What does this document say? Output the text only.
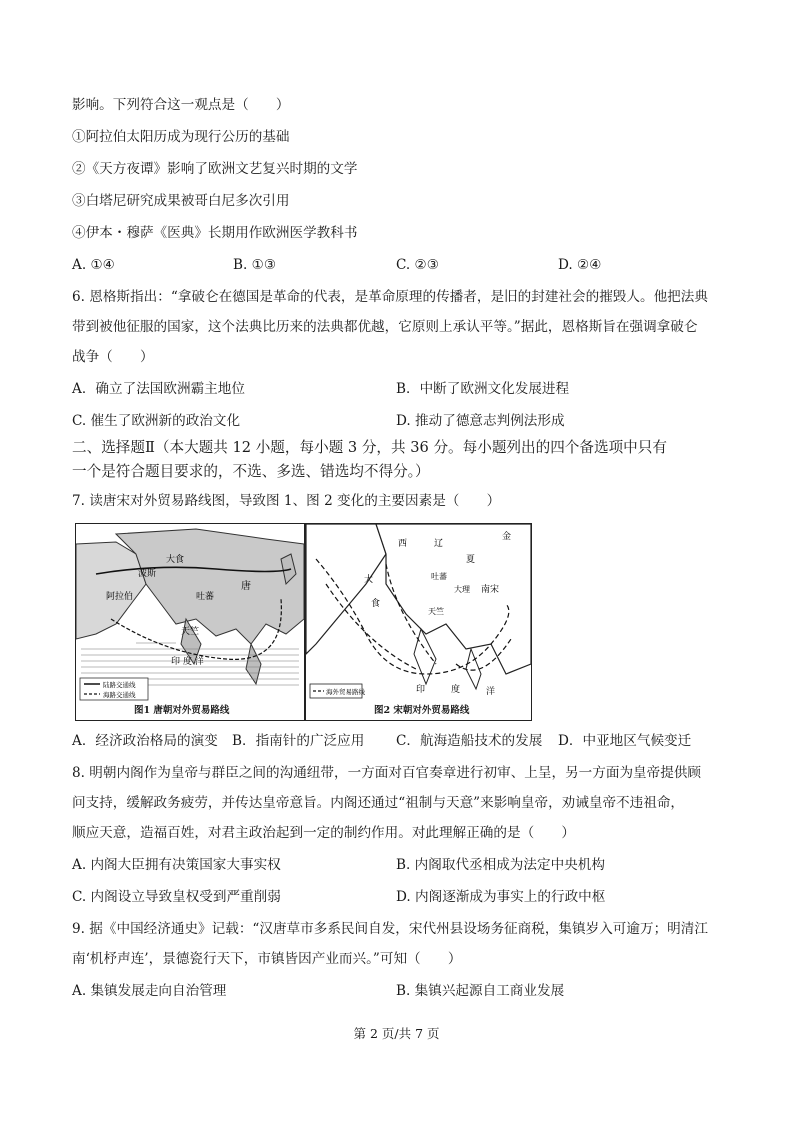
影响。下列符合这一观点是（　　）
①阿拉伯太阳历成为现行公历的基础
②《天方夜谭》影响了欧洲文艺复兴时期的文学
③白塔尼研究成果被哥白尼多次引用
④伊本・穆萨《医典》长期用作欧洲医学教科书
A. ①④	B. ①③	C. ②③	D. ②④
6. 恩格斯指出：“拿破仑在德国是革命的代表，是革命原理的传播者，是旧的封建社会的摧毁人。他把法典
带到被他征服的国家，这个法典比历来的法典都优越，它原则上承认平等。”据此，恩格斯旨在强调拿破仑
战争（　　）
A．确立了法国欧洲霸主地位	B．中断了欧洲文化发展进程
C. 催生了欧洲新的政治文化	D. 推动了德意志判例法形成
二、选择题Ⅱ（本大题共 12 小题，每小题 3 分，共 36 分。每小题列出的四个备选项中只有
一个是符合题目要求的，不选、多选、错选均不得分。）
7. 读唐宋对外贸易路线图，导致图 1、图 2 变化的主要因素是（　　）
阿拉伯
波斯
大食
吐蕃
唐
天竺
印 度 洋
陆路交通线
海路交通线
图1 唐朝对外贸易路线
金
西	辽
夏
大	吐蕃
大理
天竺
南宋
食
印	度	洋
海外贸易路线
图2 宋朝对外贸易路线
A．经济政治格局的演变 B．指南针的广泛应用 C．航海造船技术的发展 D．中亚地区气候变迁
8. 明朝内阁作为皇帝与群臣之间的沟通纽带，一方面对百官奏章进行初审、上呈，另一方面为皇帝提供顾
问支持，缓解政务疲劳，并传达皇帝意旨。内阁还通过“祖制与天意”来影响皇帝，劝诫皇帝不违祖命，
顺应天意，造福百姓，对君主政治起到一定的制约作用。对此理解正确的是（　　）
A. 内阁大臣拥有决策国家大事实权	B. 内阁取代丞相成为法定中央机构
C. 内阁设立导致皇权受到严重削弱	D. 内阁逐渐成为事实上的行政中枢
9. 据《中国经济通史》记载：“汉唐草市多系民间自发，宋代州县设场务征商税，集镇岁入可逾万；明清江
南‘机杼声连’，景德瓷行天下，市镇皆因产业而兴。”可知（　　）
A. 集镇发展走向自治管理	B. 集镇兴起源自工商业发展
第 2 页/共 7 页
